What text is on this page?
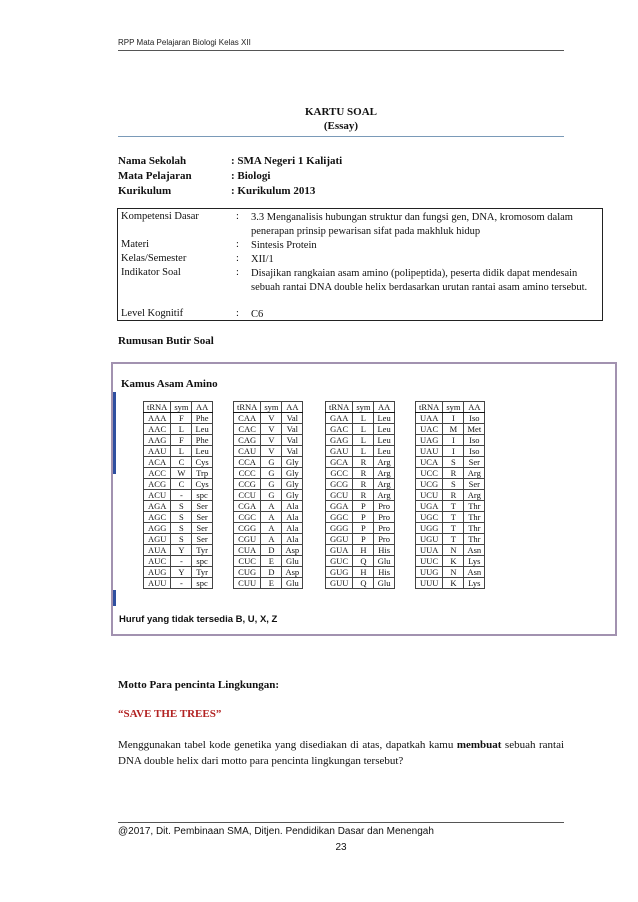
RPP Mata Pelajaran Biologi Kelas XII
KARTU SOAL
(Essay)
Nama Sekolah	: SMA Negeri 1 Kalijati
Mata Pelajaran	: Biologi
Kurikulum	: Kurikulum 2013
Kompetensi Dasar	: 3.3 Menganalisis hubungan struktur dan fungsi gen, DNA, kromosom dalam penerapan prinsip pewarisan sifat pada makhluk hidup
Materi	: Sintesis Protein
Kelas/Semester	: XII/1
Indikator Soal	: Disajikan rangkaian asam amino (polipeptida), peserta didik dapat mendesain sebuah rantai DNA double helix berdasarkan urutan rantai asam amino tersebut.
Level Kognitif	: C6
Rumusan Butir Soal
Kamus Asam Amino
Huruf yang tidak tersedia B, U, X, Z
tRNA	sym	AA
AAA	F	Phe
AAC	L	Leu
AAG	F	Phe
AAU	L	Leu
ACA	C	Cys
ACC	W	Trp
ACG	C	Cys
ACU	-	spc
AGA	S	Ser
AGC	S	Ser
AGG	S	Ser
AGU	S	Ser
AUA	Y	Tyr
AUC	-	spc
AUG	Y	Tyr
AUU	-	spc
tRNA	sym	AA
CAA	V	Val
CAC	V	Val
CAG	V	Val
CAU	V	Val
CCA	G	Gly
CCC	G	Gly
CCG	G	Gly
CCU	G	Gly
CGA	A	Ala
CGC	A	Ala
CGG	A	Ala
CGU	A	Ala
CUA	D	Asp
CUC	E	Glu
CUG	D	Asp
CUU	E	Glu
tRNA	sym	AA
GAA	L	Leu
GAC	L	Leu
GAG	L	Leu
GAU	L	Leu
GCA	R	Arg
GCC	R	Arg
GCG	R	Arg
GCU	R	Arg
GGA	P	Pro
GGC	P	Pro
GGG	P	Pro
GGU	P	Pro
GUA	H	His
GUC	Q	Glu
GUG	H	His
GUU	Q	Glu
tRNA	sym	AA
UAA	I	Iso
UAC	M	Met
UAG	I	Iso
UAU	I	Iso
UCA	S	Ser
UCC	R	Arg
UCG	S	Ser
UCU	R	Arg
UGA	T	Thr
UGC	T	Thr
UGG	T	Thr
UGU	T	Thr
UUA	N	Asn
UUC	K	Lys
UUG	N	Asn
UUU	K	Lys
Motto Para pencinta Lingkungan:
“SAVE THE TREES”
Menggunakan tabel kode genetika yang disediakan di atas, dapatkah kamu membuat sebuah rantai DNA double helix dari motto para pencinta lingkungan tersebut?
@2017, Dit. Pembinaan SMA, Ditjen. Pendidikan Dasar dan Menengah
23
